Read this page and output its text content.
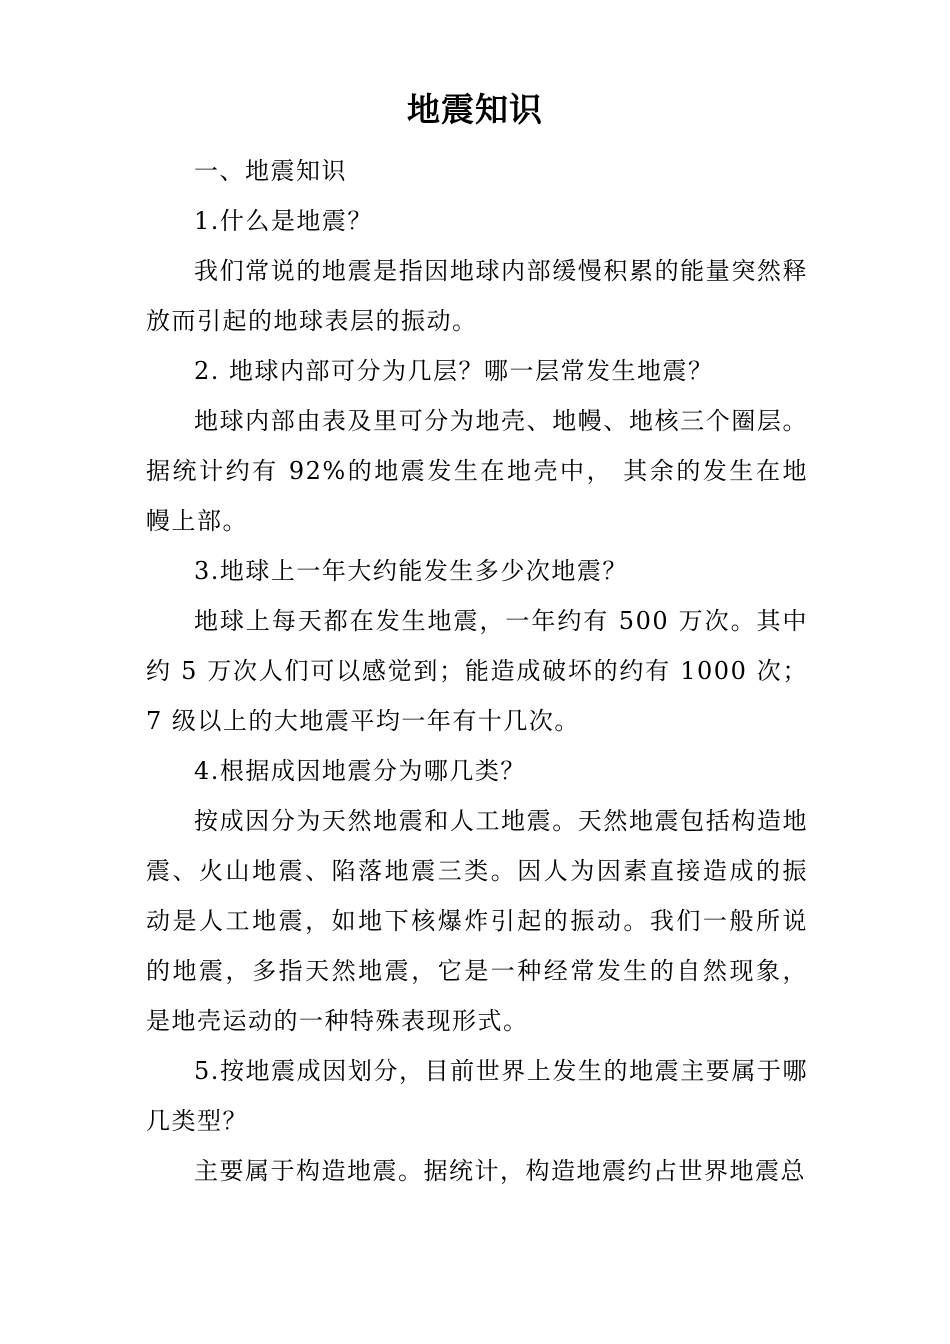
地震知识

一、地震知识

1.什么是地震？

我们常说的地震是指因地球内部缓慢积累的能量突然释放而引起的地球表层的振动。

2. 地球内部可分为几层？哪一层常发生地震？

地球内部由表及里可分为地壳、地幔、地核三个圈层。据统计约有 92%的地震发生在地壳中， 其余的发生在地幔上部。

3.地球上一年大约能发生多少次地震？

地球上每天都在发生地震，一年约有 500 万次。其中约 5 万次人们可以感觉到；能造成破坏的约有 1000 次； 7 级以上的大地震平均一年有十几次。

4.根据成因地震分为哪几类？

按成因分为天然地震和人工地震。天然地震包括构造地震、火山地震、陷落地震三类。因人为因素直接造成的振动是人工地震，如地下核爆炸引起的振动。我们一般所说的地震，多指天然地震，它是一种经常发生的自然现象，是地壳运动的一种特殊表现形式。

5.按地震成因划分，目前世界上发生的地震主要属于哪几类型？

主要属于构造地震。据统计，构造地震约占世界地震总
